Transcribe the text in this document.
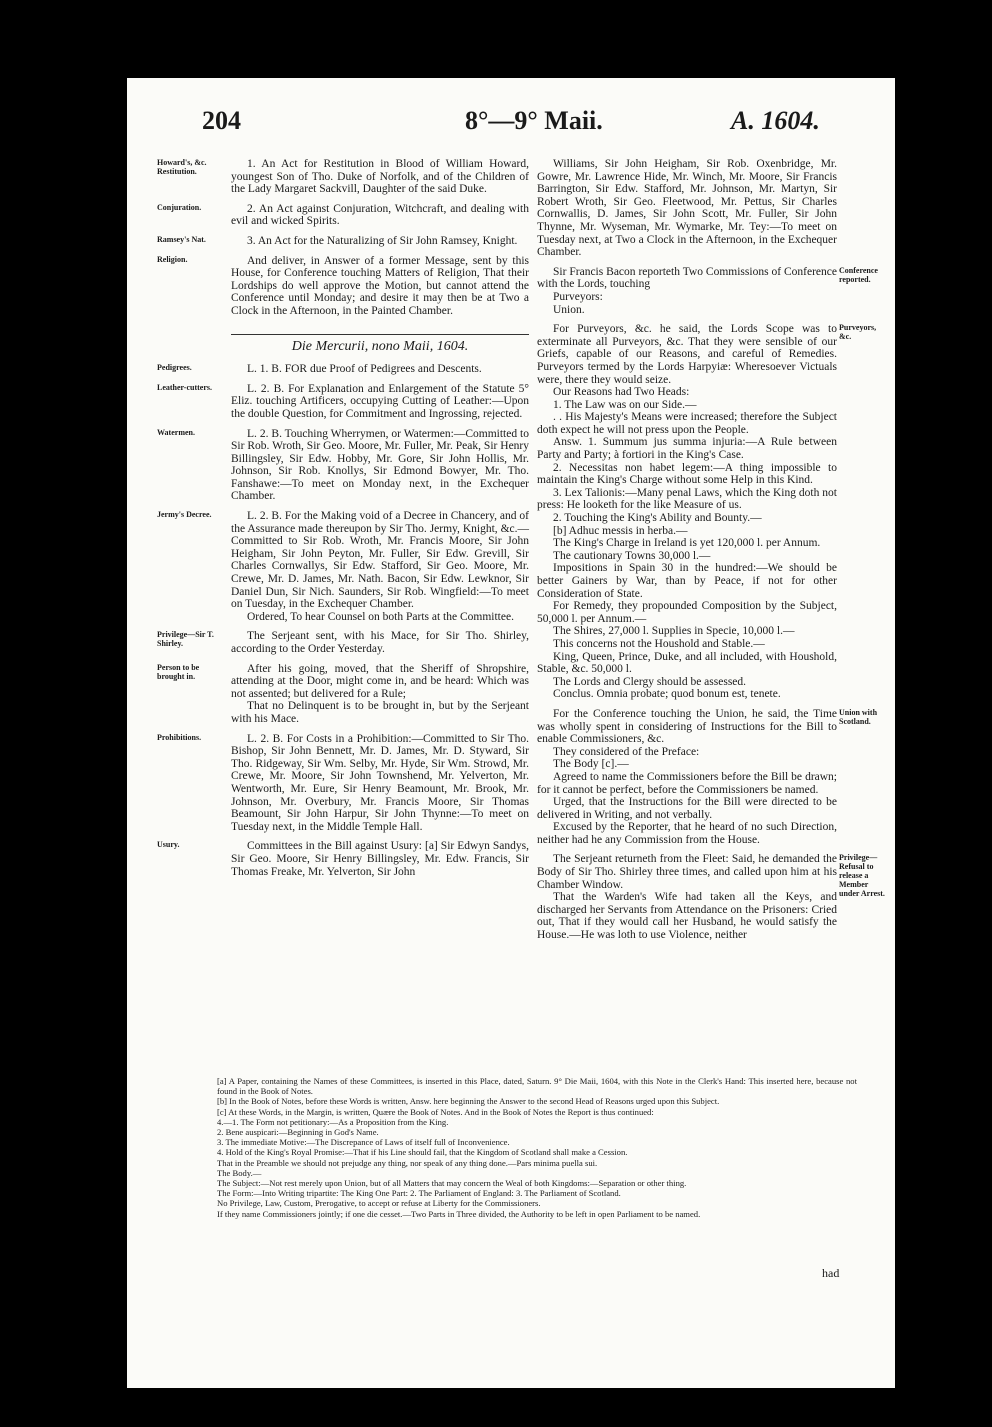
204	8°—9° Maii.	A. 1604.
Howard's, &c. Restitution.

1. An Act for Restitution in Blood of William Howard, youngest Son of Tho. Duke of Norfolk, and of the Children of the Lady Margaret Sackvill, Daughter of the said Duke.

Conjuration.	2. An Act against Conjuration, Witchcraft, and dealing with evil and wicked Spirits.

Ramsey's Nat.	3. An Act for the Naturalizing of Sir John Ramsey, Knight.

Religion.	And deliver, in Answer of a former Message, sent by this House, for Conference touching Matters of Religion, That their Lordships do well approve the Motion, but cannot attend the Conference until Monday; and desire it may then be at Two a Clock in the Afternoon, in the Painted Chamber.

Die Mercurii, nono Maii, 1604.
Pedigrees.	L. 1. B. FOR due Proof of Pedigrees and Descents.

Leather-cutters.	L. 2. B. For Explanation and Enlargement of the Statute 5° Eliz. touching Artificers, occupying Cutting of Leather:—Upon the double Question, for Commitment and Ingrossing, rejected.

Watermen.	L. 2. B. Touching Wherrymen, or Watermen:—Committed to Sir Rob. Wroth, Sir Geo. Moore, Mr. Fuller, Mr. Peak, Sir Henry Billingsley, Sir Edw. Hobby, Mr. Gore, Sir John Hollis, Mr. Johnson, Sir Rob. Knollys, Sir Edmond Bowyer, Mr. Tho. Fanshawe:—To meet on Monday next, in the Exchequer Chamber.

Jermy's Decree.	L. 2. B. For the Making void of a Decree in Chancery, and of the Assurance made thereupon by Sir Tho. Jermy, Knight, &c.—Committed to Sir Rob. Wroth, Mr. Francis Moore, Sir John Heigham, Sir John Peyton, Mr. Fuller, Sir Edw. Grevill, Sir Charles Cornwallys, Sir Edw. Stafford, Sir Geo. Moore, Mr. Crewe, Mr. D. James, Mr. Nath. Bacon, Sir Edw. Lewknor, Sir Daniel Dun, Sir Nich. Saunders, Sir Rob. Wingfield:—To meet on Tuesday, in the Exchequer Chamber.

Ordered, To hear Counsel on both Parts at the Committee.

Privilege—Sir T. Shirley.

The Serjeant sent, with his Mace, for Sir Tho. Shirley, according to the Order Yesterday.

Person to be brought in.

After his going, moved, that the Sheriff of Shropshire, attending at the Door, might come in, and be heard: Which was not assented; but delivered for a Rule;

That no Delinquent is to be brought in, but by the Serjeant with his Mace.

Prohibitions.	L. 2. B. For Costs in a Prohibition:—Committed to Sir Tho. Bishop, Sir John Bennett, Mr. D. James, Mr. D. Styward, Sir Tho. Ridgeway, Sir Wm. Selby, Mr. Hyde, Sir Wm. Strowd, Mr. Crewe, Mr. Moore, Sir John Townshend, Mr. Yelverton, Mr. Wentworth, Mr. Eure, Sir Henry Beamount, Mr. Brook, Mr. Johnson, Mr. Overbury, Mr. Francis Moore, Sir Thomas Beamount, Sir John Harpur, Sir John Thynne:—To meet on Tuesday next, in the Middle Temple Hall.

Usury.	Committees in the Bill against Usury: [a] Sir Edwyn Sandys, Sir Geo. Moore, Sir Henry Billingsley, Mr. Edw. Francis, Sir Thomas Freake, Mr. Yelverton, Sir John

Williams, Sir John Heigham, Sir Rob. Oxenbridge, Mr. Gowre, Mr. Lawrence Hide, Mr. Winch, Mr. Moore, Sir Francis Barrington, Sir Edw. Stafford, Mr. Johnson, Mr. Martyn, Sir Robert Wroth, Sir Geo. Fleetwood, Mr. Pettus, Sir Charles Cornwallis, D. James, Sir John Scott, Mr. Fuller, Sir John Thynne, Mr. Wyseman, Mr. Wymarke, Mr. Tey:—To meet on Tuesday next, at Two a Clock in the Afternoon, in the Exchequer Chamber.

Conference reported.

Sir Francis Bacon reporteth Two Commissions of Conference with the Lords, touching

Purveyors:

Union.

Purveyors, &c.

For Purveyors, &c. he said, the Lords Scope was to exterminate all Purveyors, &c. That they were sensible of our Griefs, capable of our Reasons, and careful of Remedies. Purveyors termed by the Lords Harpyiæ: Wheresoever Victuals were, there they would seize.

Our Reasons had Two Heads:

1. The Law was on our Side.—

. . His Majesty's Means were increased; therefore the Subject doth expect he will not press upon the People.

Answ. 1. Summum jus summa injuria:—A Rule between Party and Party; à fortiori in the King's Case.

2. Necessitas non habet legem:—A thing impossible to maintain the King's Charge without some Help in this Kind.

3. Lex Talionis:—Many penal Laws, which the King doth not press: He looketh for the like Measure of us.

2. Touching the King's Ability and Bounty.—

[b] Adhuc messis in herba.—

The King's Charge in Ireland is yet 120,000 l. per Annum.

The cautionary Towns 30,000 l.—

Impositions in Spain 30 in the hundred:—We should be better Gainers by War, than by Peace, if not for other Consideration of State.

For Remedy, they propounded Composition by the Subject, 50,000 l. per Annum.—

The Shires, 27,000 l. Supplies in Specie, 10,000 l.—

This concerns not the Houshold and Stable.—

King, Queen, Prince, Duke, and all included, with Houshold, Stable, &c. 50,000 l.

The Lords and Clergy should be assessed.

Conclus. Omnia probate; quod bonum est, tenete.

Union with Scotland.

For the Conference touching the Union, he said, the Time was wholly spent in considering of Instructions for the Bill to enable Commissioners, &c.

They considered of the Preface:

The Body [c].—

Agreed to name the Commissioners before the Bill be drawn; for it cannot be perfect, before the Commissioners be named.

Urged, that the Instructions for the Bill were directed to be delivered in Writing, and not verbally.

Excused by the Reporter, that he heard of no such Direction, neither had he any Commission from the House.

Privilege—Refusal to release a Member under Arrest.

The Serjeant returneth from the Fleet: Said, he demanded the Body of Sir Tho. Shirley three times, and called upon him at his Chamber Window.

That the Warden's Wife had taken all the Keys, and discharged her Servants from Attendance on the Prisoners: Cried out, That if they would call her Husband, he would satisfy the House.—He was loth to use Violence, neither

[a] A Paper, containing the Names of these Committees, is inserted in this Place, dated, Saturn. 9° Die Maii, 1604, with this Note in the Clerk's Hand: This inserted here, because not found in the Book of Notes.

[b] In the Book of Notes, before these Words is written, Answ. here beginning the Answer to the second Head of Reasons urged upon this Subject.

[c] At these Words, in the Margin, is written, Quære the Book of Notes. And in the Book of Notes the Report is thus continued:

4.—1. The Form not petitionary:—As a Proposition from the King.

2. Bene auspicari:—Beginning in God's Name.

3. The immediate Motive:—The Discrepance of Laws of itself full of Inconvenience.

4. Hold of the King's Royal Promise:—That if his Line should fail, that the Kingdom of Scotland shall make a Cession.

That in the Preamble we should not prejudge any thing, nor speak of any thing done.—Pars minima puella sui.

The Body.—

The Subject:—Not rest merely upon Union, but of all Matters that may concern the Weal of both Kingdoms:—Separation or other thing.

The Form:—Into Writing tripartite: The King One Part: 2. The Parliament of England: 3. The Parliament of Scotland.

No Privilege, Law, Custom, Prerogative, to accept or refuse at Liberty for the Commissioners.

If they name Commissioners jointly; if one die cesset.—Two Parts in Three divided, the Authority to be left in open Parliament to be named.

had
